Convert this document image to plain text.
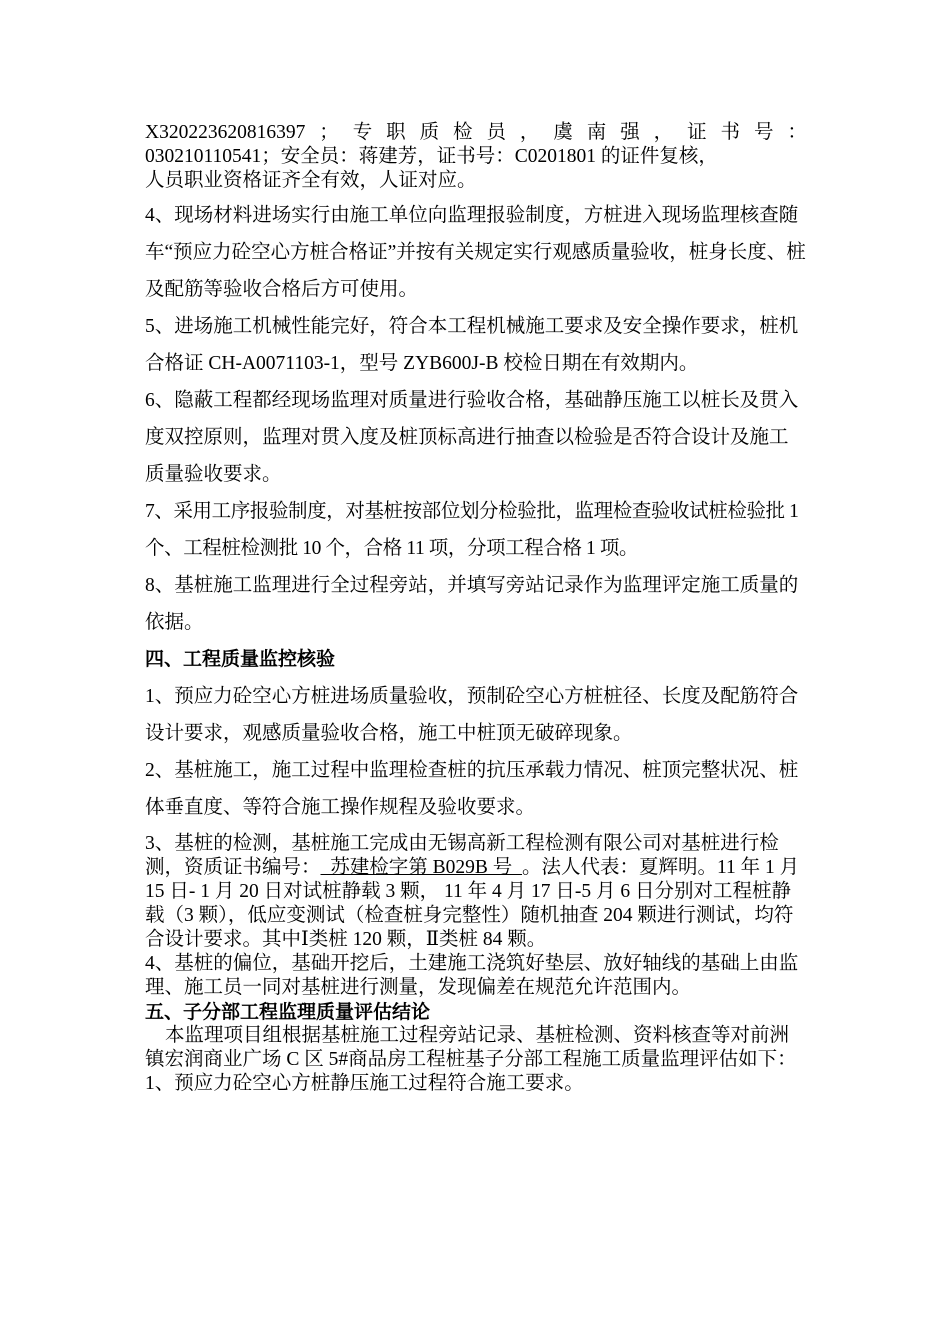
X320223620816397 ； 专 职 质 检 员 ， 虞 南 强 ， 证 书 号 ：
030210110541；安全员：蒋建芳，证书号：C0201801 的证件复核，
人员职业资格证齐全有效，人证对应。

4、现场材料进场实行由施工单位向监理报验制度，方桩进入现场监理核查随车“预应力砼空心方桩合格证”并按有关规定实行观感质量验收，桩身长度、桩及配筋等验收合格后方可使用。

5、进场施工机械性能完好，符合本工程机械施工要求及安全操作要求，桩机合格证 CH-A0071103-1，型号 ZYB600J-B 校检日期在有效期内。

6、隐蔽工程都经现场监理对质量进行验收合格，基础静压施工以桩长及贯入度双控原则，监理对贯入度及桩顶标高进行抽查以检验是否符合设计及施工质量验收要求。

7、采用工序报验制度，对基桩按部位划分检验批，监理检查验收试桩检验批 1 个、工程桩检测批 10 个，合格 11 项，分项工程合格 1 项。

8、基桩施工监理进行全过程旁站，并填写旁站记录作为监理评定施工质量的依据。

四、工程质量监控核验

1、预应力砼空心方桩进场质量验收，预制砼空心方桩桩径、长度及配筋符合设计要求，观感质量验收合格，施工中桩顶无破碎现象。

2、基桩施工，施工过程中监理检查桩的抗压承载力情况、桩顶完整状况、桩体垂直度、等符合施工操作规程及验收要求。

3、基桩的检测，基桩施工完成由无锡高新工程检测有限公司对基桩进行检测，资质证书编号：  苏建检字第 B029B 号  。法人代表：夏辉明。11 年 1 月 15 日- 1 月 20 日对试桩静载 3 颗， 11 年 4 月 17 日-5 月 6 日分别对工程桩静载（3 颗），低应变测试（检查桩身完整性）随机抽查 204 颗进行测试，均符合设计要求。其中Ⅰ类桩 120 颗，Ⅱ类桩 84 颗。

4、基桩的偏位，基础开挖后，土建施工浇筑好垫层、放好轴线的基础上由监理、施工员一同对基桩进行测量，发现偏差在规范允许范围内。

五、子分部工程监理质量评估结论

本监理项目组根据基桩施工过程旁站记录、基桩检测、资料核查等对前洲镇宏润商业广场 C 区 5#商品房工程桩基子分部工程施工质量监理评估如下：

1、预应力砼空心方桩静压施工过程符合施工要求。
